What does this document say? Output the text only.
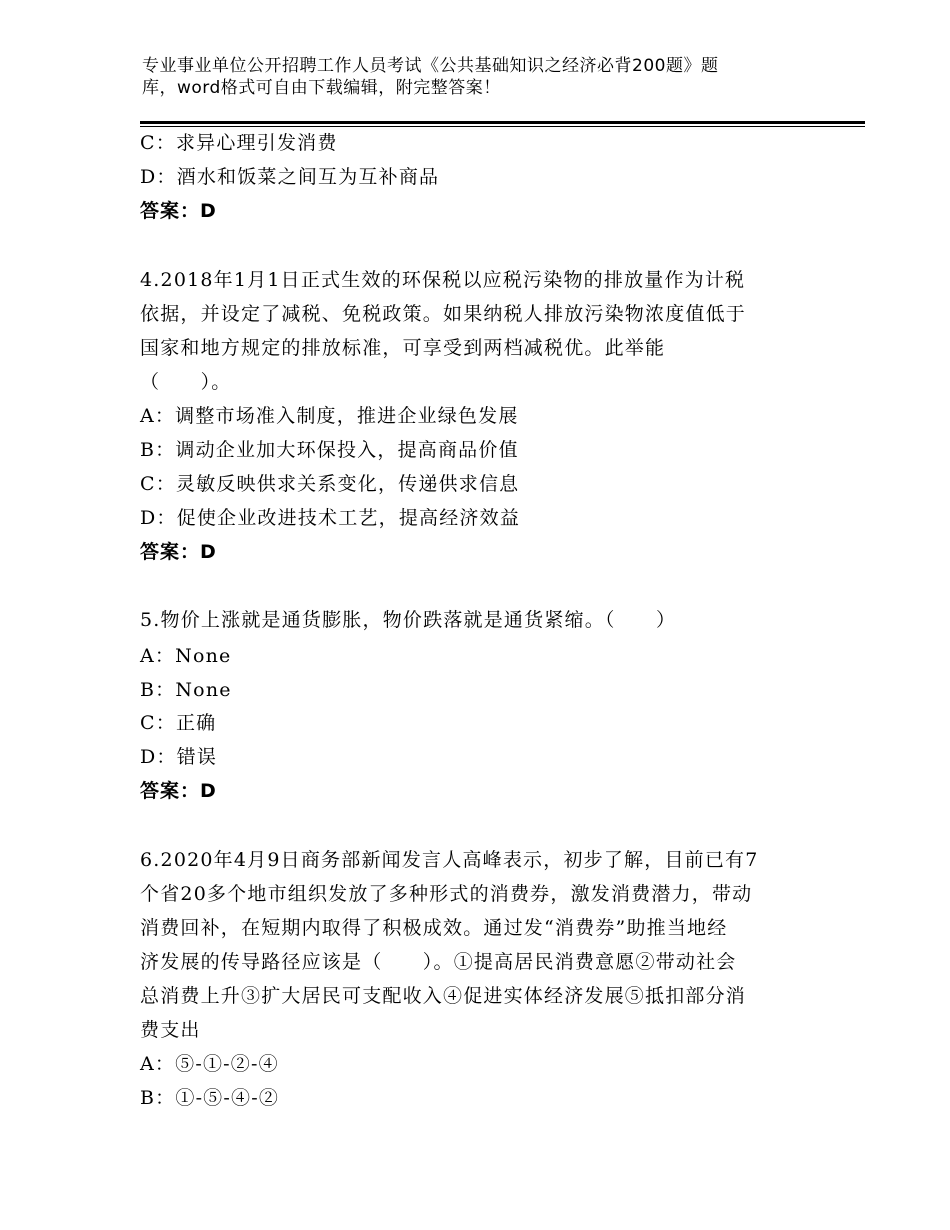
专业事业单位公开招聘工作人员考试《公共基础知识之经济必背200题》题
库，word格式可自由下载编辑，附完整答案！
C：求异心理引发消费
D：酒水和饭菜之间互为互补商品
答案：D
4.2018年1月1日正式生效的环保税以应税污染物的排放量作为计税
依据，并设定了减税、免税政策。如果纳税人排放污染物浓度值低于
国家和地方规定的排放标准，可享受到两档减税优。此举能
（　　）。
A：调整市场准入制度，推进企业绿色发展
B：调动企业加大环保投入，提高商品价值
C：灵敏反映供求关系变化，传递供求信息
D：促使企业改进技术工艺，提高经济效益
答案：D
5.物价上涨就是通货膨胀，物价跌落就是通货紧缩。（　　）
A：None
B：None
C：正确
D：错误
答案：D
6.2020年4月9日商务部新闻发言人高峰表示，初步了解，目前已有7
个省20多个地市组织发放了多种形式的消费券，激发消费潜力，带动
消费回补，在短期内取得了积极成效。通过发“消费券”助推当地经
济发展的传导路径应该是（　　）。①提高居民消费意愿②带动社会
总消费上升③扩大居民可支配收入④促进实体经济发展⑤抵扣部分消
费支出
A：⑤-①-②-④
B：①-⑤-④-②
